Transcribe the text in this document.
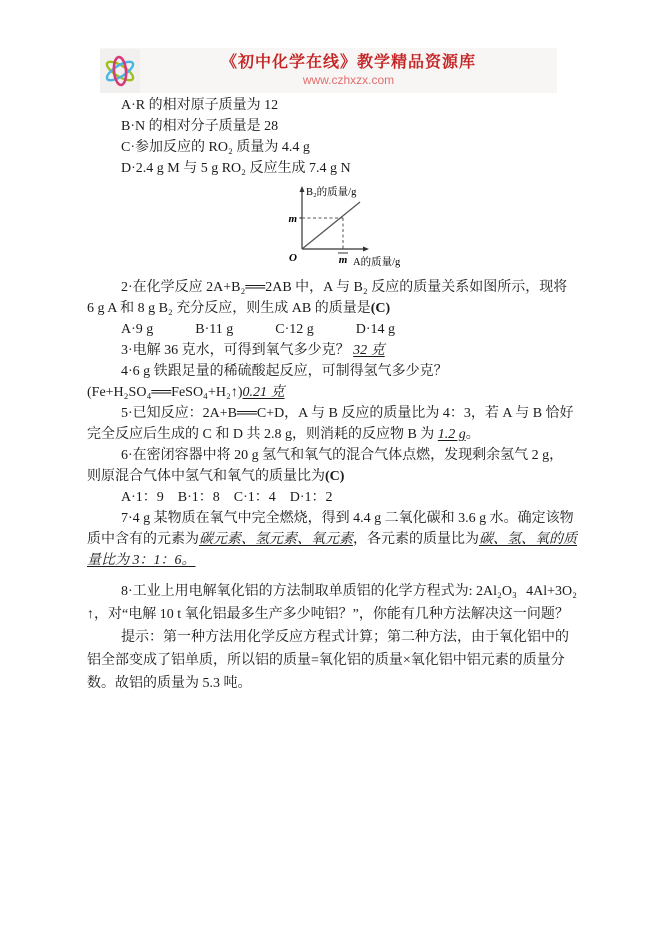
《初中化学在线》教学精品资源库
www.czhxzx.com
A·R 的相对原子质量为 12
B·N 的相对分子质量是 28
C·参加反应的 RO₂ 质量为 4.4 g
D·2.4 g M 与 5 g RO₂ 反应生成 7.4 g N
B₂的质量/g
m
O	m A的质量/g

2·在化学反应 2A+B₂══2AB 中，A 与 B₂ 反应的质量关系如图所示，现将 6 g A 和 8 g B₂ 充分反应，则生成 AB 的质量是(C)

A·9 g　　　B·11 g　　　C·12 g　　　D·14 g

3·电解 36 克水，可得到氧气多少克？ 32 克

4·6 g 铁跟足量的稀硫酸起反应，可制得氢气多少克？(Fe+H₂SO₄══FeSO₄+H₂↑)0.21 克

5·已知反应：2A+B══C+D，A 与 B 反应的质量比为 4：3，若 A 与 B 恰好完全反应后生成的 C 和 D 共 2.8 g，则消耗的反应物 B 为 1.2 g。

6·在密闭容器中将 20 g 氢气和氧气的混合气体点燃，发现剩余氢气 2 g，则原混合气体中氢气和氧气的质量比为(C)

A·1：9　B·1：8　C·1：4　D·1：2

7·4 g 某物质在氧气中完全燃烧，得到 4.4 g 二氧化碳和 3.6 g 水。确定该物质中含有的元素为碳元素、氢元素、氧元素，各元素的质量比为碳、氢、氧的质量比为 3：1：6。

8·工业上用电解氧化铝的方法制取单质铝的化学方程式为: 2Al₂O₃ 4Al+3O₂

↑，对“电解 10 t 氧化铝最多生产多少吨铝？”，你能有几种方法解决这一问题？

提示：第一种方法用化学反应方程式计算；第二种方法，由于氧化铝中的铝全部变成了铝单质，所以铝的质量=氧化铝的质量×氧化铝中铝元素的质量分数。故铝的质量为 5.3 吨。
